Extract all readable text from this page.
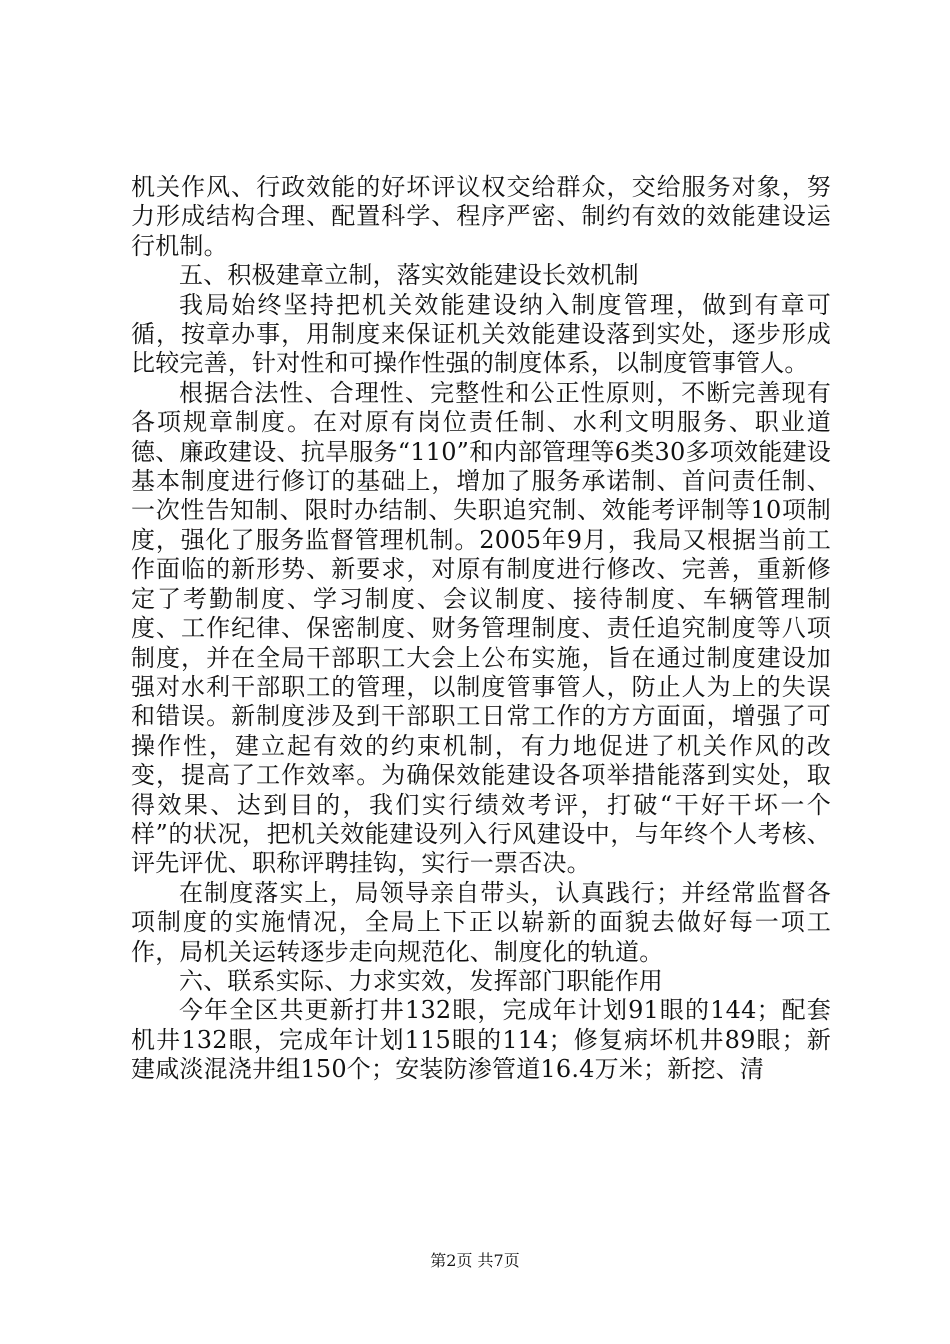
机关作风、行政效能的好坏评议权交给群众，交给服务对象，努力形成结构合理、配置科学、程序严密、制约有效的效能建设运行机制。

五、积极建章立制，落实效能建设长效机制

我局始终坚持把机关效能建设纳入制度管理，做到有章可循，按章办事，用制度来保证机关效能建设落到实处，逐步形成比较完善，针对性和可操作性强的制度体系，以制度管事管人。

根据合法性、合理性、完整性和公正性原则，不断完善现有各项规章制度。在对原有岗位责任制、水利文明服务、职业道德、廉政建设、抗旱服务“110”和内部管理等6类30多项效能建设基本制度进行修订的基础上，增加了服务承诺制、首问责任制、一次性告知制、限时办结制、失职追究制、效能考评制等10项制度，强化了服务监督管理机制。2005年9月，我局又根据当前工作面临的新形势、新要求，对原有制度进行修改、完善，重新修定了考勤制度、学习制度、会议制度、接待制度、车辆管理制度、工作纪律、保密制度、财务管理制度、责任追究制度等八项制度，并在全局干部职工大会上公布实施，旨在通过制度建设加强对水利干部职工的管理，以制度管事管人，防止人为上的失误和错误。新制度涉及到干部职工日常工作的方方面面，增强了可操作性，建立起有效的约束机制，有力地促进了机关作风的改变，提高了工作效率。为确保效能建设各项举措能落到实处，取得效果、达到目的，我们实行绩效考评，打破“干好干坏一个样”的状况，把机关效能建设列入行风建设中，与年终个人考核、评先评优、职称评聘挂钩，实行一票否决。

在制度落实上，局领导亲自带头，认真践行；并经常监督各项制度的实施情况，全局上下正以崭新的面貌去做好每一项工作，局机关运转逐步走向规范化、制度化的轨道。

六、联系实际、力求实效，发挥部门职能作用

今年全区共更新打井132眼，完成年计划91眼的144；配套机井132眼，完成年计划115眼的114；修复病坏机井89眼；新建咸淡混浇井组150个；安装防渗管道16.4万米；新挖、清

第2页 共7页
